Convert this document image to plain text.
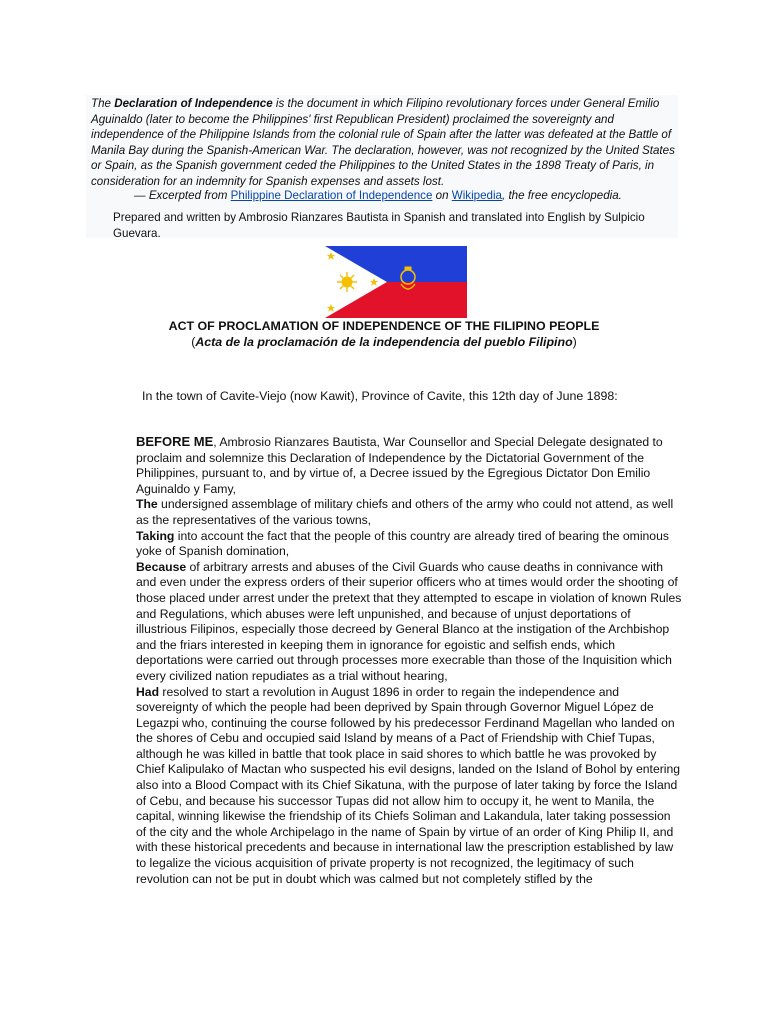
The Declaration of Independence is the document in which Filipino revolutionary forces under General Emilio Aguinaldo (later to become the Philippines' first Republican President) proclaimed the sovereignty and independence of the Philippine Islands from the colonial rule of Spain after the latter was defeated at the Battle of Manila Bay during the Spanish-American War. The declaration, however, was not recognized by the United States or Spain, as the Spanish government ceded the Philippines to the United States in the 1898 Treaty of Paris, in consideration for an indemnity for Spanish expenses and assets lost.

— Excerpted from Philippine Declaration of Independence on Wikipedia, the free encyclopedia.

Prepared and written by Ambrosio Rianzares Bautista in Spanish and translated into English by Sulpicio Guevara.

ACT OF PROCLAMATION OF INDEPENDENCE OF THE FILIPINO PEOPLE
(Acta de la proclamación de la independencia del pueblo Filipino)

In the town of Cavite-Viejo (now Kawit), Province of Cavite, this 12th day of June 1898:

BEFORE ME, Ambrosio Rianzares Bautista, War Counsellor and Special Delegate designated to proclaim and solemnize this Declaration of Independence by the Dictatorial Government of the Philippines, pursuant to, and by virtue of, a Decree issued by the Egregious Dictator Don Emilio Aguinaldo y Famy,

The undersigned assemblage of military chiefs and others of the army who could not attend, as well as the representatives of the various towns,

Taking into account the fact that the people of this country are already tired of bearing the ominous yoke of Spanish domination,

Because of arbitrary arrests and abuses of the Civil Guards who cause deaths in connivance with and even under the express orders of their superior officers who at times would order the shooting of those placed under arrest under the pretext that they attempted to escape in violation of known Rules and Regulations, which abuses were left unpunished, and because of unjust deportations of illustrious Filipinos, especially those decreed by General Blanco at the instigation of the Archbishop and the friars interested in keeping them in ignorance for egoistic and selfish ends, which deportations were carried out through processes more execrable than those of the Inquisition which every civilized nation repudiates as a trial without hearing,

Had resolved to start a revolution in August 1896 in order to regain the independence and sovereignty of which the people had been deprived by Spain through Governor Miguel López de Legazpi who, continuing the course followed by his predecessor Ferdinand Magellan who landed on the shores of Cebu and occupied said Island by means of a Pact of Friendship with Chief Tupas, although he was killed in battle that took place in said shores to which battle he was provoked by Chief Kalipulako of Mactan who suspected his evil designs, landed on the Island of Bohol by entering also into a Blood Compact with its Chief Sikatuna, with the purpose of later taking by force the Island of Cebu, and because his successor Tupas did not allow him to occupy it, he went to Manila, the capital, winning likewise the friendship of its Chiefs Soliman and Lakandula, later taking possession of the city and the whole Archipelago in the name of Spain by virtue of an order of King Philip II, and with these historical precedents and because in international law the prescription established by law to legalize the vicious acquisition of private property is not recognized, the legitimacy of such revolution can not be put in doubt which was calmed but not completely stifled by the
